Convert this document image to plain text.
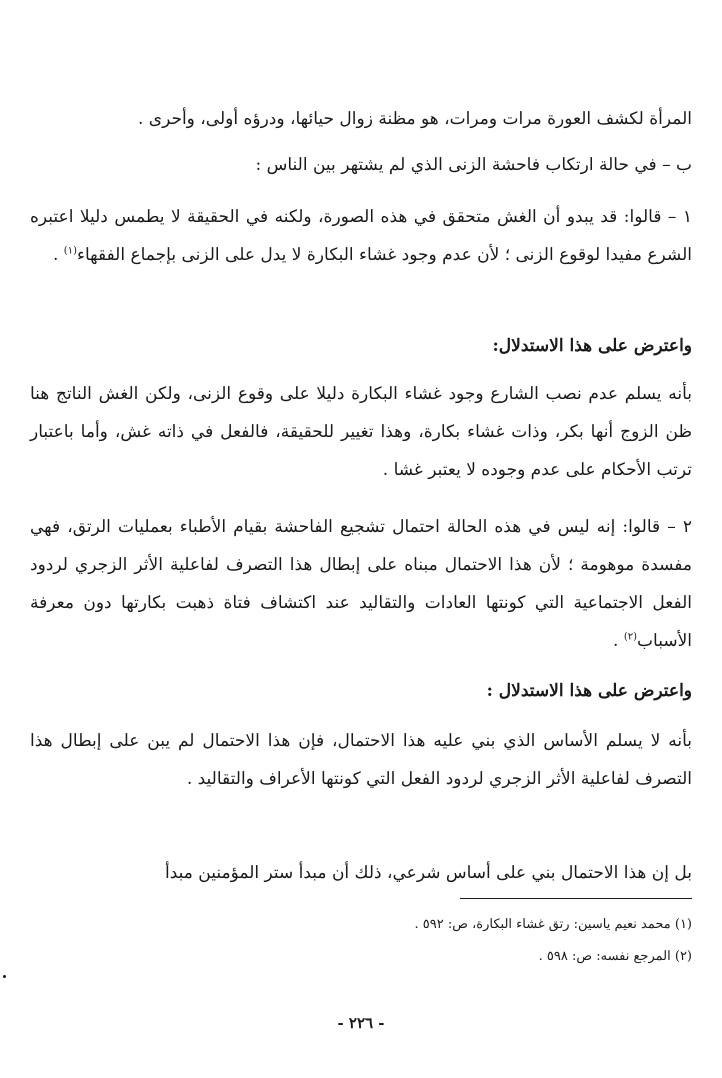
المرأة لكشف العورة مرات ومرات، هو مظنة زوال حيائها، ودرؤه أولى، وأحرى .

ب – في حالة ارتكاب فاحشة الزنى الذي لم يشتهر بين الناس :

١ – قالوا: قد يبدو أن الغش متحقق في هذه الصورة، ولكنه في الحقيقة لا يطمس دليلا اعتبره الشرع مفيدا لوقوع الزنى ؛ لأن عدم وجود غشاء البكارة لا يدل على الزنى بإجماع الفقهاء$^{(١)}$ .

واعترض على هذا الاستدلال:

بأنه يسلم عدم نصب الشارع وجود غشاء البكارة دليلا على وقوع الزنى، ولكن الغش الناتج هنا ظن الزوج أنها بكر، وذات غشاء بكارة، وهذا تغيير للحقيقة، فالفعل في ذاته غش، وأما باعتبار ترتب الأحكام على عدم وجوده لا يعتبر غشا .

٢ – قالوا: إنه ليس في هذه الحالة احتمال تشجيع الفاحشة بقيام الأطباء بعمليات الرتق، فهي مفسدة موهومة ؛ لأن هذا الاحتمال مبناه على إبطال هذا التصرف لفاعلية الأثر الزجري لردود الفعل الاجتماعية التي كونتها العادات والتقاليد عند اكتشاف فتاة ذهبت بكارتها دون معرفة الأسباب$^{(٢)}$ .

واعترض على هذا الاستدلال :

بأنه لا يسلم الأساس الذي بني عليه هذا الاحتمال، فإن هذا الاحتمال لم يبن على إبطال هذا التصرف لفاعلية الأثر الزجري لردود الفعل التي كونتها الأعراف والتقاليد .

بل إن هذا الاحتمال بني على أساس شرعي، ذلك أن مبدأ ستر المؤمنين مبدأ

(١) محمد نعيم ياسين: رتق غشاء البكارة، ص: ٥٩٢ .

(٢) المرجع نفسه: ص: ٥٩٨ .

- ٢٢٦ -
